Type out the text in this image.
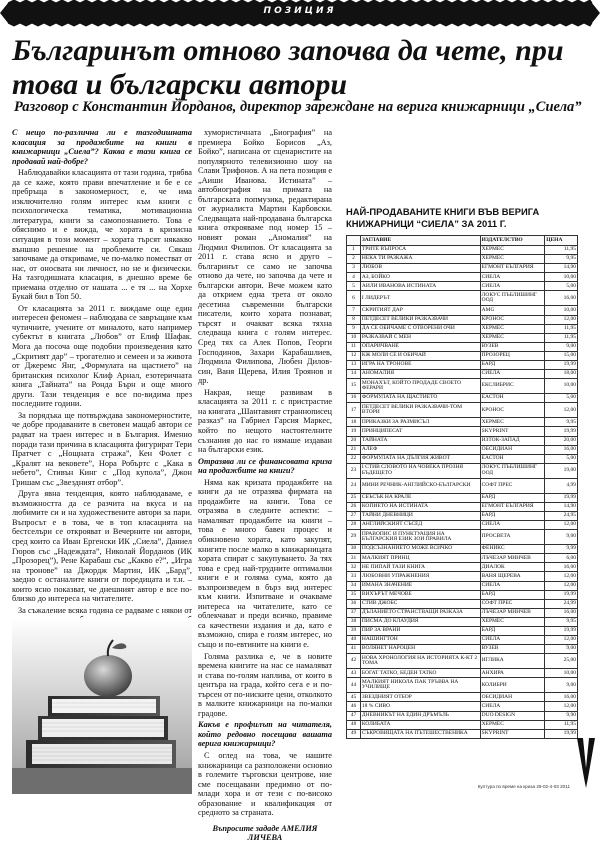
ПОЗИЦИЯ
Българинът отново започва да чете, при това и български автори
Разговор с Константин Йорданов, директор зареждане на верига книжарници „Сиела”

С нещо по-различна ли е тазгодишната класация за продажбите на книги в книжарници „Сиела”? Каква е тази книга се продавай най-добре?

Наблюдавайки класацията от тази година, трябва да се каже, която прави впечатление и бе е се пребръща в закономерност, е, че има изключително голям интерес към книги с психологическа тематика, мотивационна литература, книги за самопознанието. Това е обяснимо и е вижда, че хората в кризисна ситуация в този момент – хората търсят някакво външно решение на проблемите си. Сякаш започваме да откриваме, че по-малко поместват от нас, от оносвата ни личност, но не и физически. На тазгодишната класация, в днешно време бе приемана отделно от нашата ... е тя ... на Хорхе Букай бил в Топ 50.

От класацията за 2011 г. виждаме още един интересен феномен – наблюдава се завръщане към чутичните, учените от миналото, като например субектът в книгата „Любов” от Елиф Шафак. Мога да посоча още подобни произведения като „Скритият дар” – трогателно и семеен и за живота от Джеремс Янг, „Формулата на щастието” на британския психолог Клиф Арнал, езотеричната книга „Тайната” на Ронда Бърн и още много други. Тази тенденция е все по-видима през последните години.

За порядъка ще потвърждава закономерностите, че добре продаваните в световен мащаб автори се радват на траен интерес и в България. Именно поради тази причина в класацията фигурират Тери Пратчет с „Нощната стража”, Кен Фолет с „Кралят на вековете”, Нора Робъртс с „Кака в небето”, Стивън Кинг с „Под купола”, Джон Гришам със „Звездният отбор”.

Друга явна тенденция, която наблюдаваме, е възможността да се разчита на вкуса и на любимите си и на художествените автори за пари. Въпросът е в това, че в топ класацията на бестселъри се открояват и Вечерните ни автори, сред които са Иван Ергенски ИК „Сиела”, Даниел Гюров със „Надеждата”, Николай Йорданов (ИК „Прозорец”), Рене Карабаш със „Какво е?”, „Игра на тронове” на Джордж Мартин, ИК „Бард”, заедно с останалите книги от поредицата и т.н. – които ясно показват, че днешният автор е все по-близко до интереса на читателите.

За съжаление всяка година се радваме с някои от

хумористичната „Биография” на премиера Бойко Борисов „Аз, Бойко”, написана от сценаристите на популярното телевизионно шоу на Слави Трифонов. А на пета позиция е „Аиши Иванова. Истината” – автобиография на примата на българската попмузика, редактирана от журналиста Мартин Карбовски. Следващата най-продавана българска книга открояваме под номер 15 – новият роман „Аномалия” на Людмил Филипов. От класацията за 2011 г. става ясно и друго – българинът се само не започва отново да чете, но започва да чете и български автори. Вече можем като да открием една трета от около десетина съвременни български писатели, които хората познават, търсят и очакват всяка тяхна следваща книга с голям интерес. Сред тях са Алек Попов, Георги Господинов, Захари Карабашлиев, Людмила Филипова, Любен Дилов-син, Ваня Щерева, Илия Троянов и др.

Накрая, неще развивам в класацията за 2011 г. с пристрастие на книгата „Шантавият страннописец разказ” на Габриел Гарсия Маркес, който по нещото настоятелните съзнания до нас го нямаше издаван на български език.

Отразява ли се финансовата криза на продажбите на книги?

Няма как кризата продажбите на книги да не отразява фирмата на продажбите на книги. Това се отразява в следните аспекти: – намаляват продажбите на книги – това е много бавен процес и обикновено хората, като закупят, книгите после малко в книжарницата хората спират с закупуването. За тях това е сред най-трудните оптимални книги е и голяма сума, която да възпроизведем в бърз вид интерес към книги. Изпитване и очакваме интереса на читателите, като се облекчават и преди всичко, правиме са качествени издания и да, като е възможно, спира е голям интерес, но също и по-евтините на книги е.

Голяма разлика е, че в новите времена книгите на нас се намаляват и става по-голям наплива, от които в центъра на града, който сега е и по-търсен от по-ниските цени, отколкото в малките книжарници на по-малки градове.

Какъв е профилът на читателя, който редовно посещава вашата верига книжарници?

С оглед на това, че нашите книжарници са разположени основно в големите търговски центрове, ние сме посещавани предимно от по-млади хора и от тези с по-високо образование и квалификация от средното за страната.

Въпросите зададе АМЕЛИЯ ЛИЧЕВА

НАЙ-ПРОДАВАНИТЕ КНИГИ ВЪВ ВЕРИГА КНИЖАРНИЦИ “СИЕЛА” ЗА 2011 Г.
	ЗАГЛАВИЕ	ИЗДАТЕЛСТВО	ЦЕНА
1	ТРИТЕ ВЪПРОСА	ХЕРМЕС	11,95
2	НЕКА ТИ РАЗКАЖА	ХЕРМЕС	9,95
3	ЛЮБОВ	ЕГМОНТ БЪЛГАРИЯ	14,90
4	АЗ, БОЙКО	СИЕЛА	10,00
5	АИЛИ ИВАНОВА ИСТИНАТА	СИЕЛА	5,00
6	I ЛИДЕРЪТ	ЛОКУС ПЪБЛИШИНГ ООД	16,00
7	СКРИТИЯТ ДАР	AMG	10,00
8	ПЕТДЕСЕТ ВЕЛИКИ РАЗКАЗВАЧИ	КРОНОС	12,00
9	ДА СЕ ОБИЧАМЕ С ОТВОРЕНИ ОЧИ	ХЕРМЕС	11,95
10	РАЗКАЗВАЙ С МЕН	ХЕРМЕС	11,95
11	ОПАРИЧВАНЕ	ВУЗЕВ	9,00
12	КЖ МОЛИ СЕ И ОБИЧАЙ	ПРОЗОРЕЦ	15,00
13	ИГРА НА ТРОНОВЕ	БАРД	19,99
14	АНОМАЛИЯ	СИЕЛА	18,00
15	МОНАХЪТ, КОЙТО ПРОДАДЕ СВОЕТО ФЕРАРИ	ЕКСЛИБРИС	10,00
16	ФОРМУЛАТА НА ЩАСТИЕТО	ЕАСТОН	5,00
17	ПЕТДЕСЕТ ВЕЛИКИ РАЗКАЗВАЧИ-ТОМ ВТОРИ	КРОНОС	12,00
18	ПРИКАЗКИ ЗА РАЗМИСЪЛ	ХЕРМЕС	9,95
19	ПРИНЦИПЕСАТ	SKYPRINT	19,99
20	ТАЙНАТА	ИЗТОК-ЗАПАД	20,00
21	АЛЕФ	ОБСИДИАН	16,00
22	ФОРМУЛАТА НА ДЪЛГИЯ ЖИВОТ	ЕАСТОН	5,00
23	I СТИВ СЛОВОТО НА ЧОВЕКА ПРОЗНЯ БЪДЕЩЕТО	ЛОКУС ПЪБЛИШИНГ ООД	19,00
24	МИНИ РЕЧНИК-АНГЛИЙСКО-БЪЛГАРСКИ	СОФТ ПРЕС	4,99
25	СБЪСЪК НА КРАЛЕ	БАРД	19,99
26	КОПИЕТО НА ИСТИНАТА	ЕГМОНТ БЪЛГАРИЯ	14,90
27	ТАЙНИ ДНЕВНИЦИ	БАРД	24,95
28	АНГЛИЙСКИЯТ СЪСЕД	СИЕЛА	12,00
29	ПРАВОПИС И ПУНКТУАЦИЯ НА БЪЛГАРСКИЯ ЕЗИК ЗОИ ПРАВИЛА	ПРОСВЕТА	9,00
30	ПОДСЪЗНАНИЕТО МОЖЕ ВСИЧКО	ФЕНИКС	9,99
31	МАЛКИЯТ ПРИНЦ	ЛЪЧЕЗАР МИНЧЕВ	6,00
32	НЕ ПИПАЙ ТАЗИ КНИГА	ДИАЛОК	16,00
33	ЛЮБОВНИ УПРАЖНЕНИЯ	ВАНЯ ЩЕРЕВА	12,00
34	ИМАНА ЗНАЧЕНИЕ	СИЕЛА	12,00
35	ВИХЪРЪТ МЕЧОВЕ	БАРД	19,99
36	СТИВ ДЖОБС	СОФТ ПРЕС	24,99
37	ДЪЛАНИЕТО СТРАНСТВАЩИ РАЗКАЗА	ЛЪЧЕЗАР МИНЧЕВ	16,00
38	ПИСМА ДО КЛАУДИЯ	ХЕРМЕС	9,95
39	ПИР ЗА ВРАНИ	БАРД	19,99
40	НАШИНГТОН	СИЕЛА	12,00
41	ВОЛЯНЕТ НАРОЦЕН	ВУЗЕВ	9,00
42	НОВА ХРОНОЛОГИЯ НА ИСТОРИЯТА К-КТ 2 ТОМА	ИГЛИКА	25,00
43	БОГАТ ТАТКО, БЕДЕН ТАТКО	АНХИРА	10,00
44	МАЛКИЯТ НИКОЛА ПАК ТРЪВВА НА УЧИЛИЩЕ	КОЛИБРИ	9,00
45	ЗВЕЗДНИЯТ ОТБОР	ОБСИДИАН	16,00
46	18 % СИВО	СИЕЛА	12,00
47	ДНЕВНИКЪТ НА ЕДИН ДРЪМЪЛЬ	DUO DESIGN	9,90
48	КОЛИБАТА	ХЕРМЕС	11,95
49	СЪКРОВИЩАТА НА ПЪТЕШЕСТВЕНИКА	SKYPRINT	19,99
Култура по време на криза 29-02-4-03 2011
